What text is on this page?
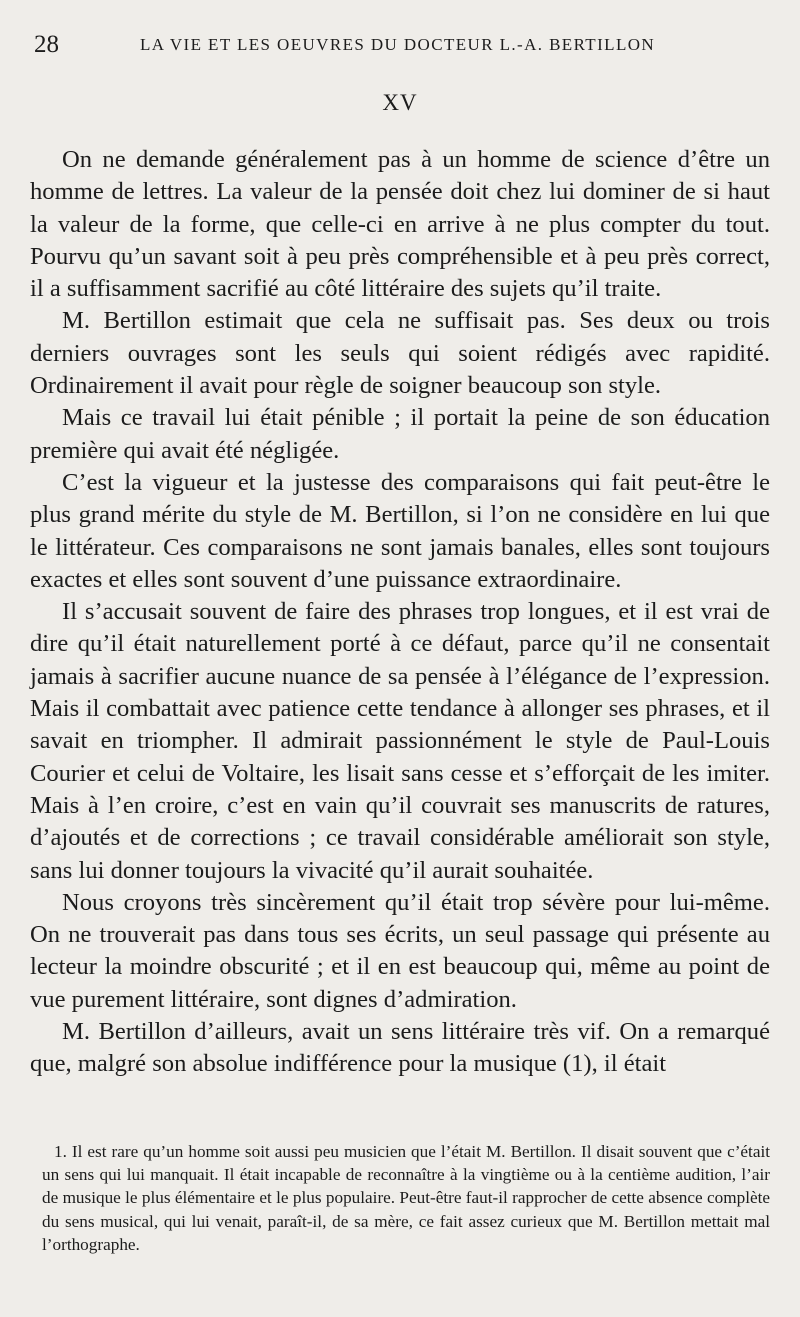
28	LA VIE ET LES OEUVRES DU DOCTEUR L.-A. BERTILLON
XV

On ne demande généralement pas à un homme de science d’être un homme de lettres. La valeur de la pensée doit chez lui dominer de si haut la valeur de la forme, que celle-ci en arrive à ne plus compter du tout. Pourvu qu’un savant soit à peu près compréhensible et à peu près correct, il a suffisamment sacrifié au côté littéraire des sujets qu’il traite.

M. Bertillon estimait que cela ne suffisait pas. Ses deux ou trois derniers ouvrages sont les seuls qui soient rédigés avec rapidité. Ordinairement il avait pour règle de soigner beaucoup son style.

Mais ce travail lui était pénible ; il portait la peine de son éducation première qui avait été négligée.

C’est la vigueur et la justesse des comparaisons qui fait peut-être le plus grand mérite du style de M. Bertillon, si l’on ne considère en lui que le littérateur. Ces comparaisons ne sont jamais banales, elles sont toujours exactes et elles sont souvent d’une puissance extraordinaire.

Il s’accusait souvent de faire des phrases trop longues, et il est vrai de dire qu’il était naturellement porté à ce défaut, parce qu’il ne consentait jamais à sacrifier aucune nuance de sa pensée à l’élégance de l’expression. Mais il combattait avec patience cette tendance à allonger ses phrases, et il savait en triompher. Il admirait passionnément le style de Paul-Louis Courier et celui de Voltaire, les lisait sans cesse et s’efforçait de les imiter. Mais à l’en croire, c’est en vain qu’il couvrait ses manuscrits de ratures, d’ajoutés et de corrections ; ce travail considérable améliorait son style, sans lui donner toujours la vivacité qu’il aurait souhaitée.

Nous croyons très sincèrement qu’il était trop sévère pour lui-même. On ne trouverait pas dans tous ses écrits, un seul passage qui présente au lecteur la moindre obscurité ; et il en est beaucoup qui, même au point de vue purement littéraire, sont dignes d’admiration.

M. Bertillon d’ailleurs, avait un sens littéraire très vif. On a remarqué que, malgré son absolue indifférence pour la musique (1), il était

1. Il est rare qu’un homme soit aussi peu musicien que l’était M. Bertillon. Il disait souvent que c’était un sens qui lui manquait. Il était incapable de reconnaître à la vingtième ou à la centième audition, l’air de musique le plus élémentaire et le plus populaire. Peut-être faut-il rapprocher de cette absence complète du sens musical, qui lui venait, paraît-il, de sa mère, ce fait assez curieux que M. Bertillon mettait mal l’orthographe.
